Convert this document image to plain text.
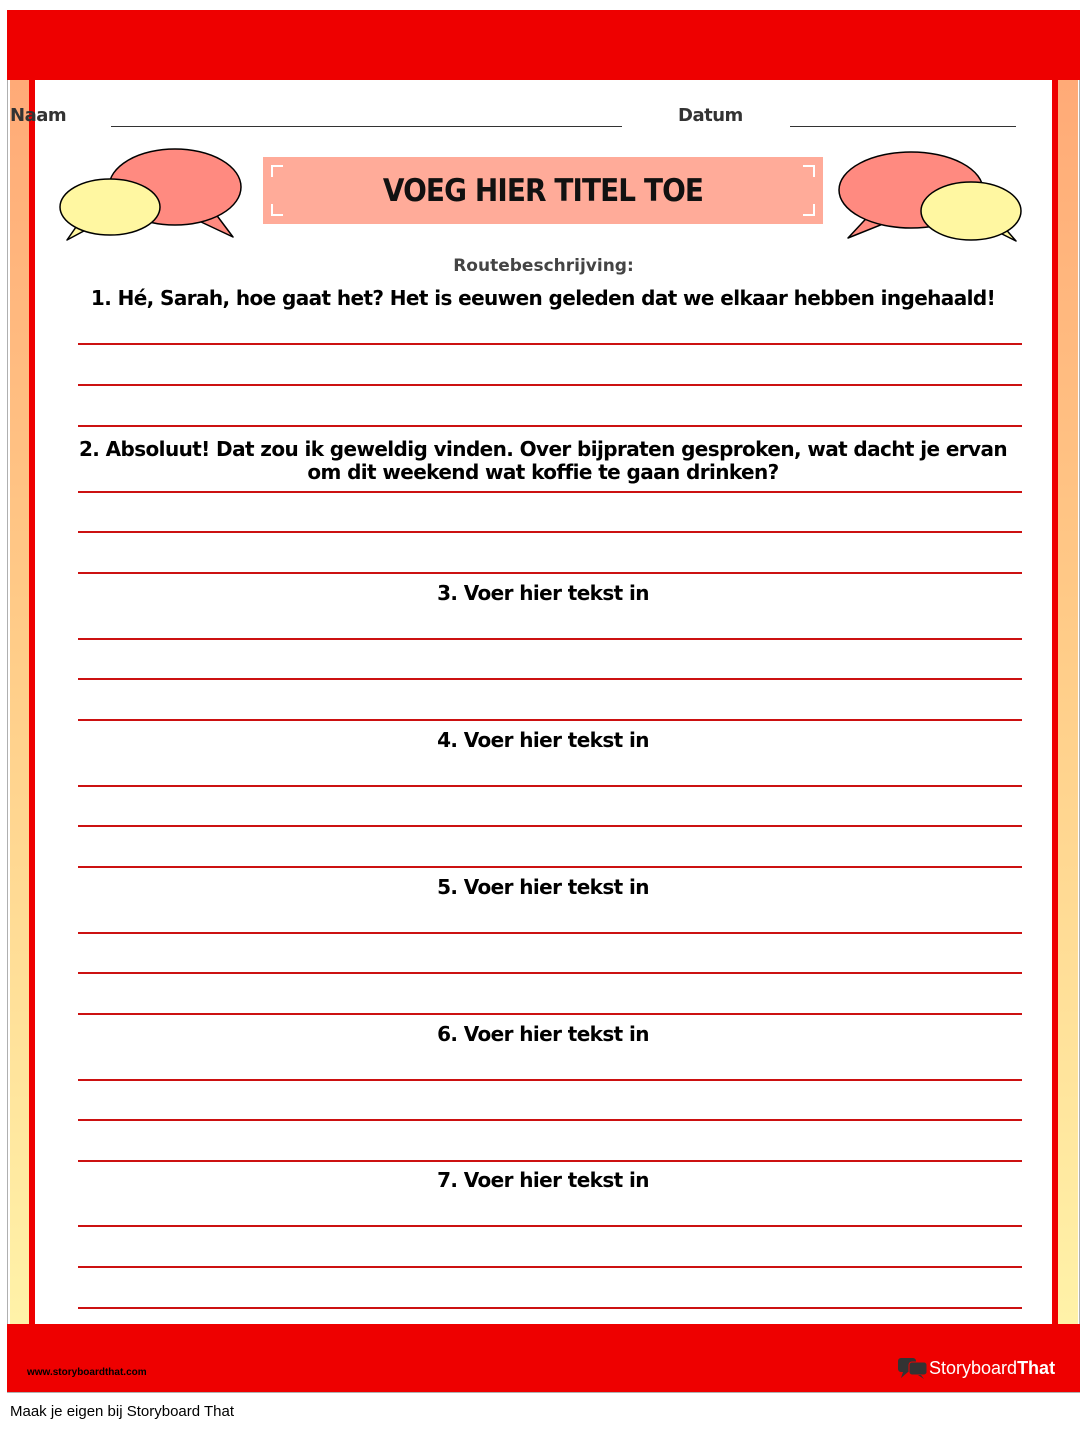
Naam	Datum
VOEG HIER TITEL TOE
Routebeschrijving:
1. Hé, Sarah, hoe gaat het? Het is eeuwen geleden dat we elkaar hebben ingehaald!
2. Absoluut! Dat zou ik geweldig vinden. Over bijpraten gesproken, wat dacht je ervan om dit weekend wat koffie te gaan drinken?
3. Voer hier tekst in
4. Voer hier tekst in
5. Voer hier tekst in
6. Voer hier tekst in
7. Voer hier tekst in
www.storyboardthat.com	StoryboardThat
Maak je eigen bij Storyboard That
